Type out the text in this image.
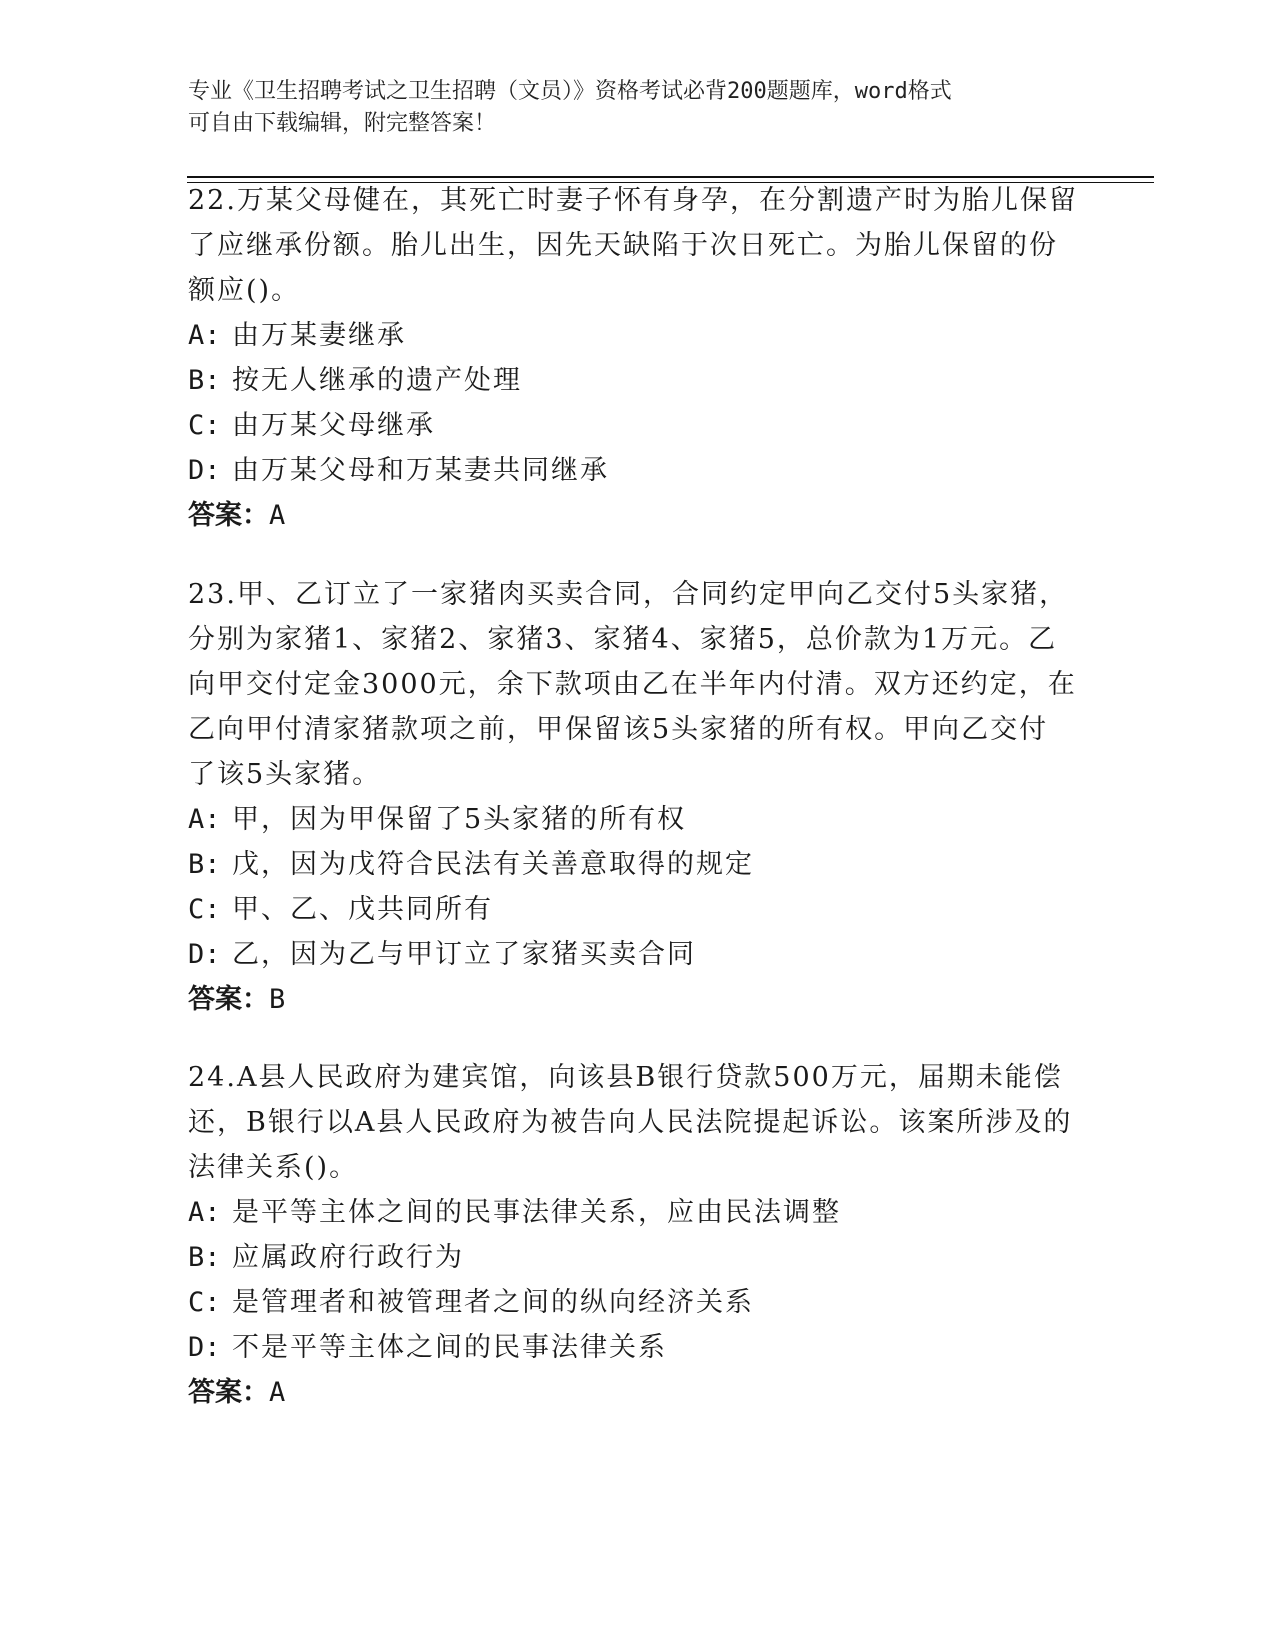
专业《卫生招聘考试之卫生招聘（文员）》资格考试必背200题题库，word格式
可自由下载编辑，附完整答案！
22.万某父母健在，其死亡时妻子怀有身孕，在分割遗产时为胎儿保留
了应继承份额。胎儿出生，因先天缺陷于次日死亡。为胎儿保留的份
额应()。
A: 由万某妻继承
B: 按无人继承的遗产处理
C: 由万某父母继承
D: 由万某父母和万某妻共同继承
答案：A
23.甲、乙订立了一家猪肉买卖合同，合同约定甲向乙交付5头家猪，
分别为家猪1、家猪2、家猪3、家猪4、家猪5，总价款为1万元。乙
向甲交付定金3000元，余下款项由乙在半年内付清。双方还约定，在
乙向甲付清家猪款项之前，甲保留该5头家猪的所有权。甲向乙交付
了该5头家猪。
A: 甲，因为甲保留了5头家猪的所有权
B: 戊，因为戊符合民法有关善意取得的规定
C: 甲、乙、戊共同所有
D: 乙，因为乙与甲订立了家猪买卖合同
答案：B
24.A县人民政府为建宾馆，向该县B银行贷款500万元，届期未能偿
还，B银行以A县人民政府为被告向人民法院提起诉讼。该案所涉及的
法律关系()。
A: 是平等主体之间的民事法律关系，应由民法调整
B: 应属政府行政行为
C: 是管理者和被管理者之间的纵向经济关系
D: 不是平等主体之间的民事法律关系
答案：A
